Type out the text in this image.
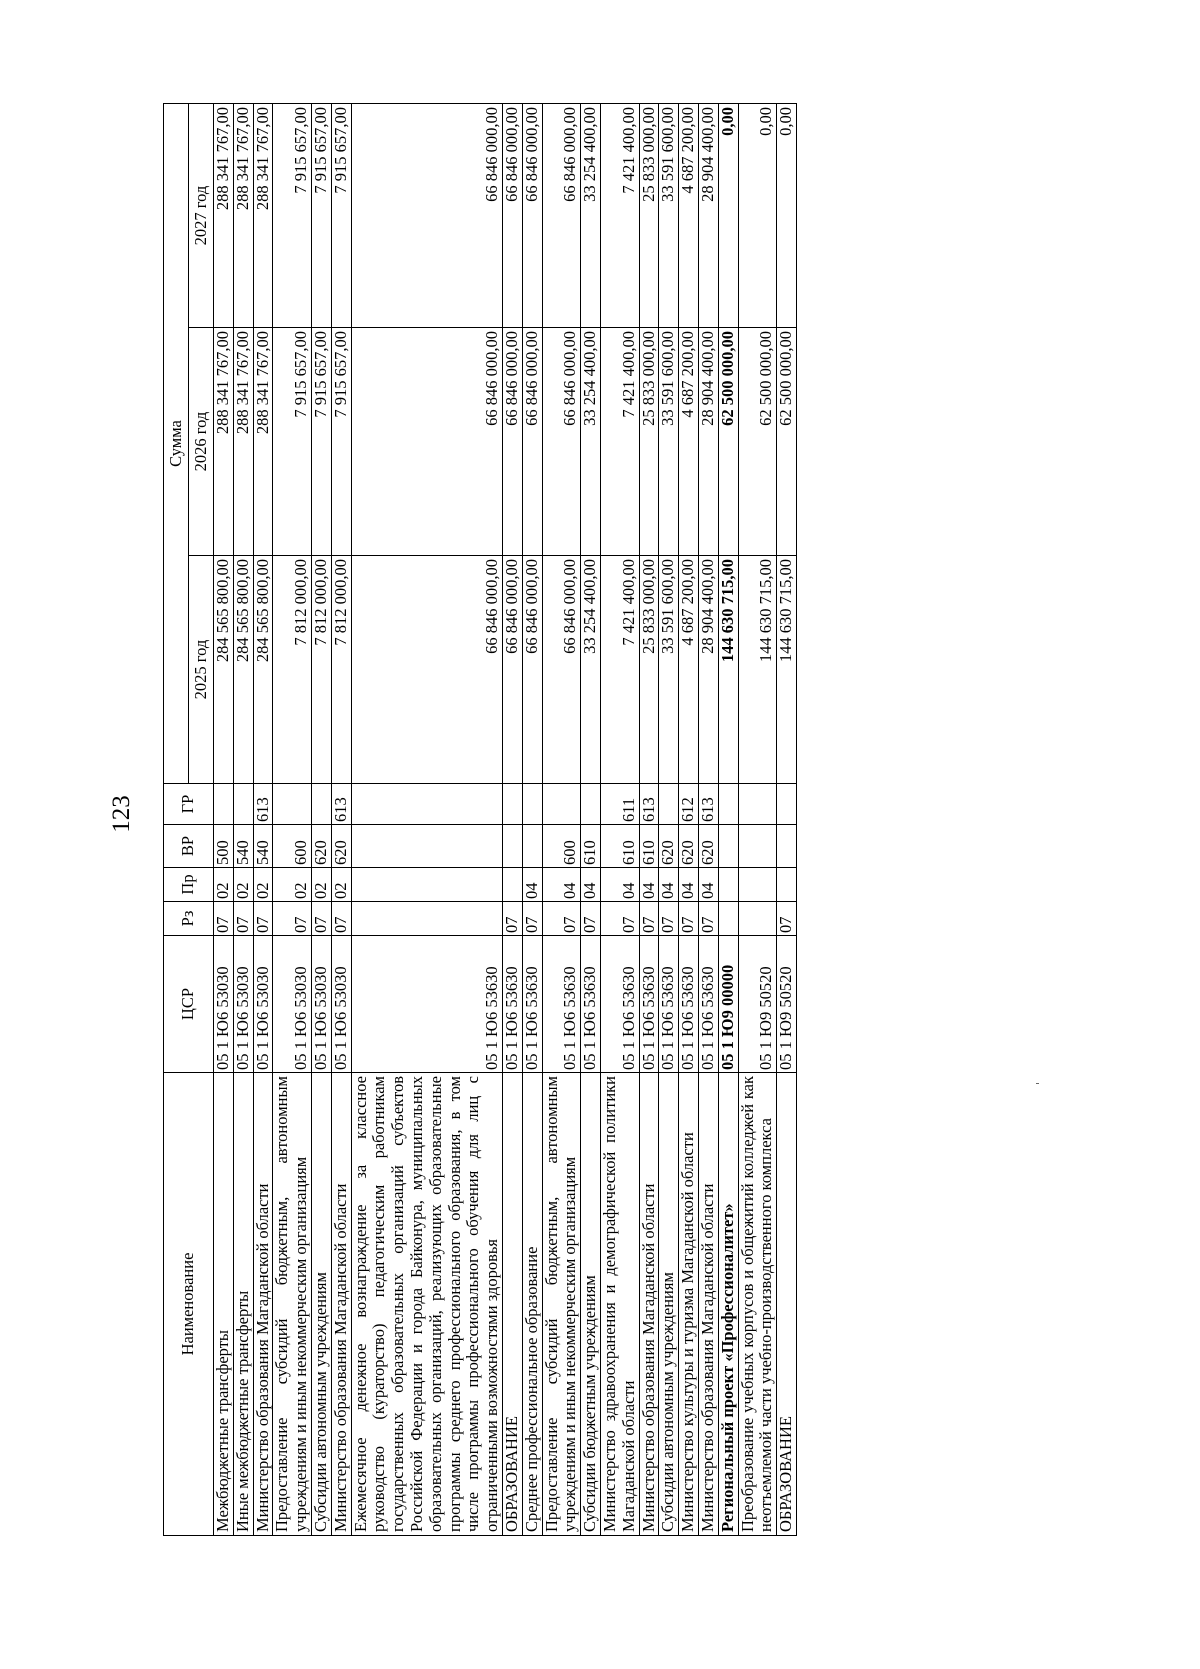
123
Наименование	ЦСР	Рз	Пр	ВР	ГР	Сумма		
						2025 год	2026 год	2027 год
Межбюджетные трансферты	05 1 Ю6 53030	07	02	500		284 565 800,00	288 341 767,00	288 341 767,00
Иные межбюджетные трансферты	05 1 Ю6 53030	07	02	540		284 565 800,00	288 341 767,00	288 341 767,00
Министерство образования Магаданской области	05 1 Ю6 53030	07	02	540	613	284 565 800,00	288 341 767,00	288 341 767,00
Предоставление субсидий бюджетным, автономным учреждениям и иным некоммерческим организациям	05 1 Ю6 53030	07	02	600		7 812 000,00	7 915 657,00	7 915 657,00
Субсидии автономным учреждениям	05 1 Ю6 53030	07	02	620		7 812 000,00	7 915 657,00	7 915 657,00
Министерство образования Магаданской области	05 1 Ю6 53030	07	02	620	613	7 812 000,00	7 915 657,00	7 915 657,00
Ежемесячное денежное вознаграждение за классное руководство (кураторство) педагогическим работникам государственных образовательных организаций субъектов Российской Федерации и города Байконура, муниципальных образовательных организаций, реализующих образовательные программы среднего профессионального образования, в том числе программы профессионального обучения для лиц с ограниченными возможностями здоровья	05 1 Ю6 53630					66 846 000,00	66 846 000,00	66 846 000,00
ОБРАЗОВАНИЕ	05 1 Ю6 53630	07				66 846 000,00	66 846 000,00	66 846 000,00
Среднее профессиональное образование	05 1 Ю6 53630	07	04			66 846 000,00	66 846 000,00	66 846 000,00
Предоставление субсидий бюджетным, автономным учреждениям и иным некоммерческим организациям	05 1 Ю6 53630	07	04	600		66 846 000,00	66 846 000,00	66 846 000,00
Субсидии бюджетным учреждениям	05 1 Ю6 53630	07	04	610		33 254 400,00	33 254 400,00	33 254 400,00
Министерство здравоохранения и демографической политики Магаданской области	05 1 Ю6 53630	07	04	610	611	7 421 400,00	7 421 400,00	7 421 400,00
Министерство образования Магаданской области	05 1 Ю6 53630	07	04	610	613	25 833 000,00	25 833 000,00	25 833 000,00
Субсидии автономным учреждениям	05 1 Ю6 53630	07	04	620		33 591 600,00	33 591 600,00	33 591 600,00
Министерство культуры и туризма Магаданской области	05 1 Ю6 53630	07	04	620	612	4 687 200,00	4 687 200,00	4 687 200,00
Министерство образования Магаданской области	05 1 Ю6 53630	07	04	620	613	28 904 400,00	28 904 400,00	28 904 400,00
Региональный проект «Профессионалитет»	05 1 Ю9 00000					144 630 715,00	62 500 000,00	0,00
Преобразование учебных корпусов и общежитий колледжей как неотъемлемой части учебно-производственного комплекса	05 1 Ю9 50520					144 630 715,00	62 500 000,00	0,00
ОБРАЗОВАНИЕ	05 1 Ю9 50520	07				144 630 715,00	62 500 000,00	0,00
